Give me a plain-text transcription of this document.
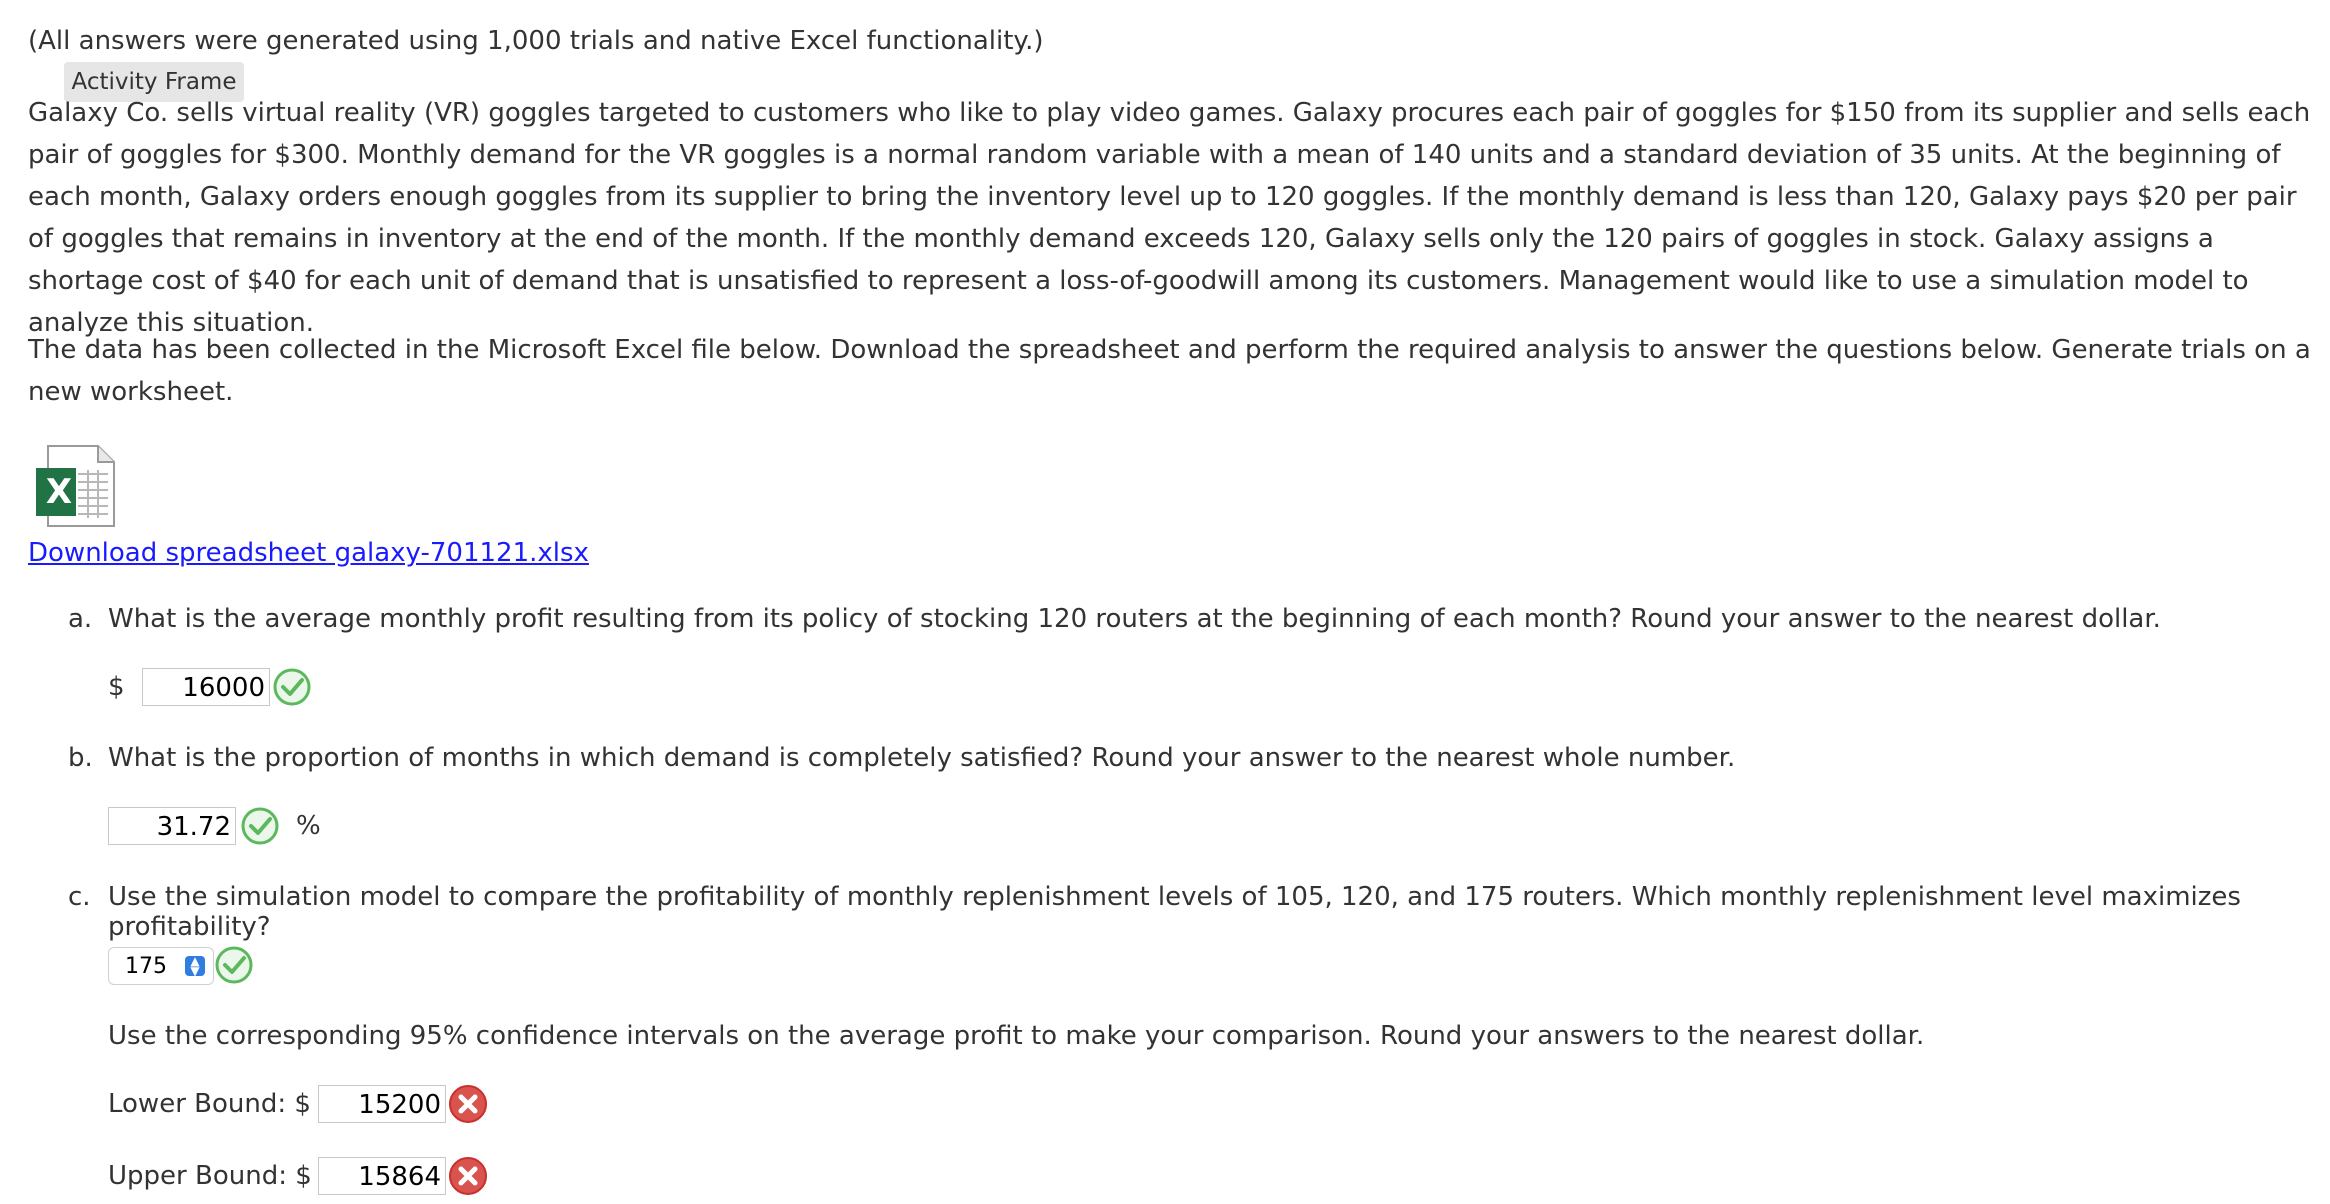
(All answers were generated using 1,000 trials and native Excel functionality.)
Activity Frame
Galaxy Co. sells virtual reality (VR) goggles targeted to customers who like to play video games. Galaxy procures each pair of goggles for $150 from its supplier and sells each pair of goggles for $300. Monthly demand for the VR goggles is a normal random variable with a mean of 140 units and a standard deviation of 35 units. At the beginning of each month, Galaxy orders enough goggles from its supplier to bring the inventory level up to 120 goggles. If the monthly demand is less than 120, Galaxy pays $20 per pair of goggles that remains in inventory at the end of the month. If the monthly demand exceeds 120, Galaxy sells only the 120 pairs of goggles in stock. Galaxy assigns a shortage cost of $40 for each unit of demand that is unsatisfied to represent a loss-of-goodwill among its customers. Management would like to use a simulation model to analyze this situation.
The data has been collected in the Microsoft Excel file below. Download the spreadsheet and perform the required analysis to answer the questions below. Generate trials on a new worksheet.
X
Download spreadsheet galaxy-701121.xlsx
a. What is the average monthly profit resulting from its policy of stocking 120 routers at the beginning of each month? Round your answer to the nearest dollar.
$	16000
b. What is the proportion of months in which demand is completely satisfied? Round your answer to the nearest whole number.
31.72	%
c. Use the simulation model to compare the profitability of monthly replenishment levels of 105, 120, and 175 routers. Which monthly replenishment level maximizes profitability?
175	▲
▼
Use the corresponding 95% confidence intervals on the average profit to make your comparison. Round your answers to the nearest dollar.
Lower Bound: $	15200
Upper Bound: $	15864
